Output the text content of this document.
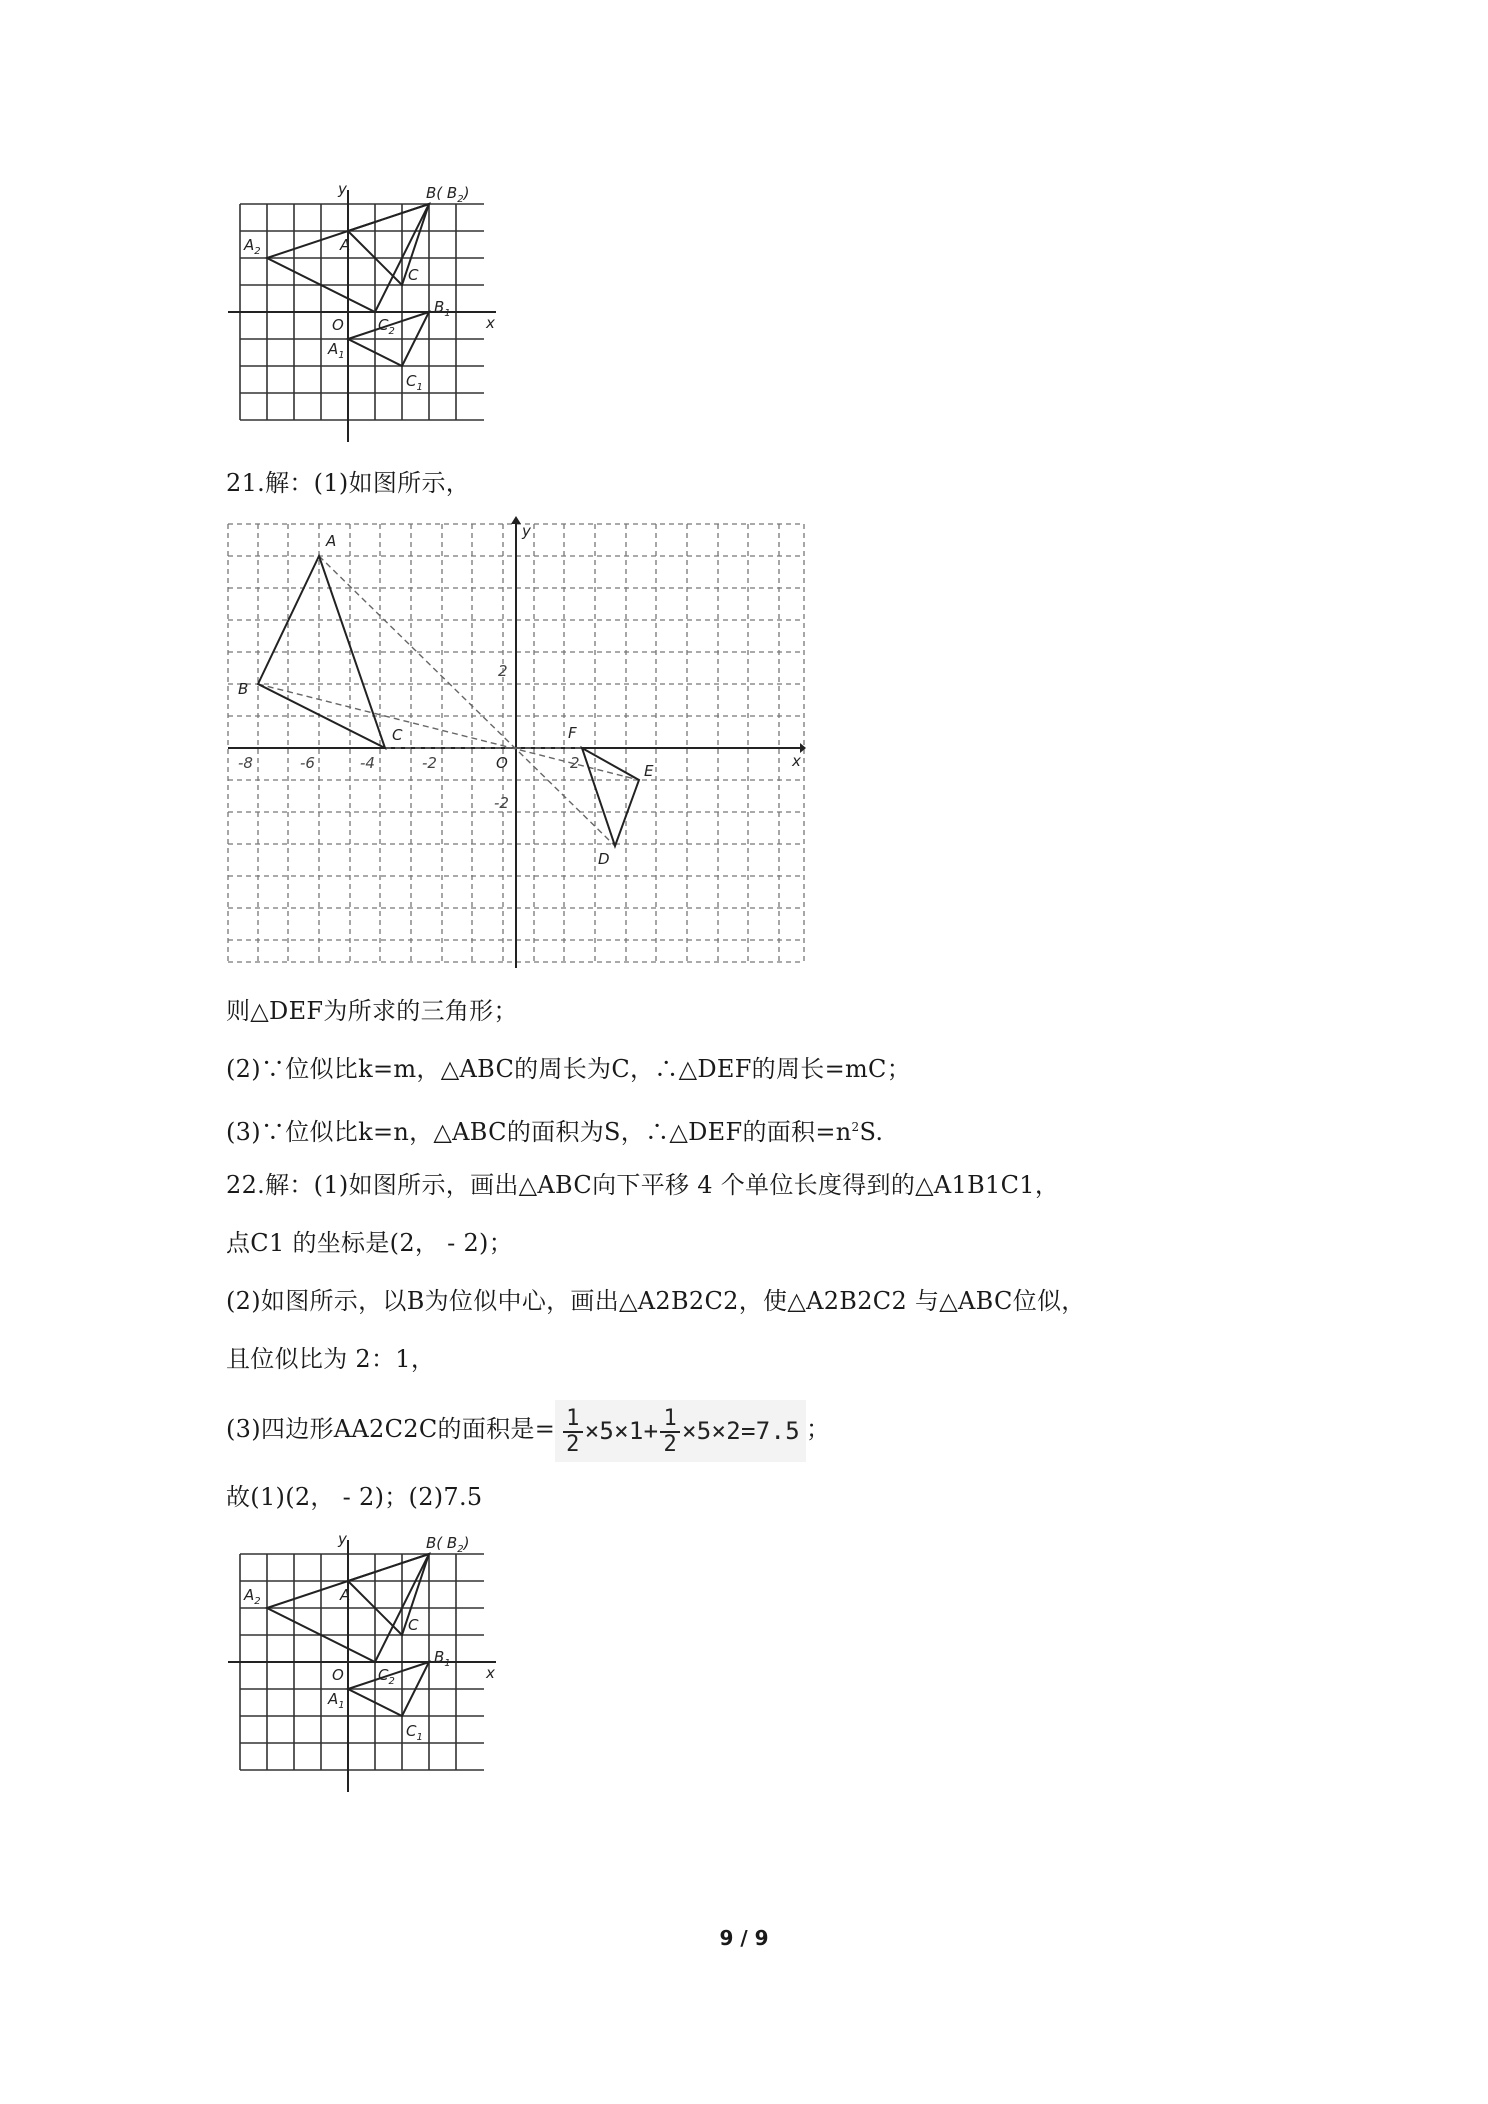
y
x
O
A
$A_2$
$A_1$
B( $B_2$)
$B_1$
C
$C_1$
$C_2$
21.解：(1)如图所示，
A
B
C
D
E
F
O
y
x
-8	-6	-4	-2	2
2
-2
则△DEF为所求的三角形；
(2)∵位似比k=m，△ABC的周长为C，∴△DEF的周长=mC；
(3)∵位似比k=n，△ABC的面积为S，∴△DEF的面积$=n^2S$.
22.解：(1)如图所示，画出△ABC向下平移 4 个单位长度得到的△A1B1C1，
点C1 的坐标是(2， - 2)；
(2)如图所示，以B为位似中心，画出△A2B2C2，使△A2B2C2 与△ABC位似，
且位似比为 2：1，
(3)四边形AA2C2C的面积是= $\frac{1}{2} \times 5\times 1+ \frac{1}{2} \times 5\times 2=7.5$ ；
故(1)(2， - 2)；(2)7.5
y
x
O
A
$A_2$
$A_1$
B( $B_2$)
$B_1$
C
$C_1$
$C_2$
9 / 9
